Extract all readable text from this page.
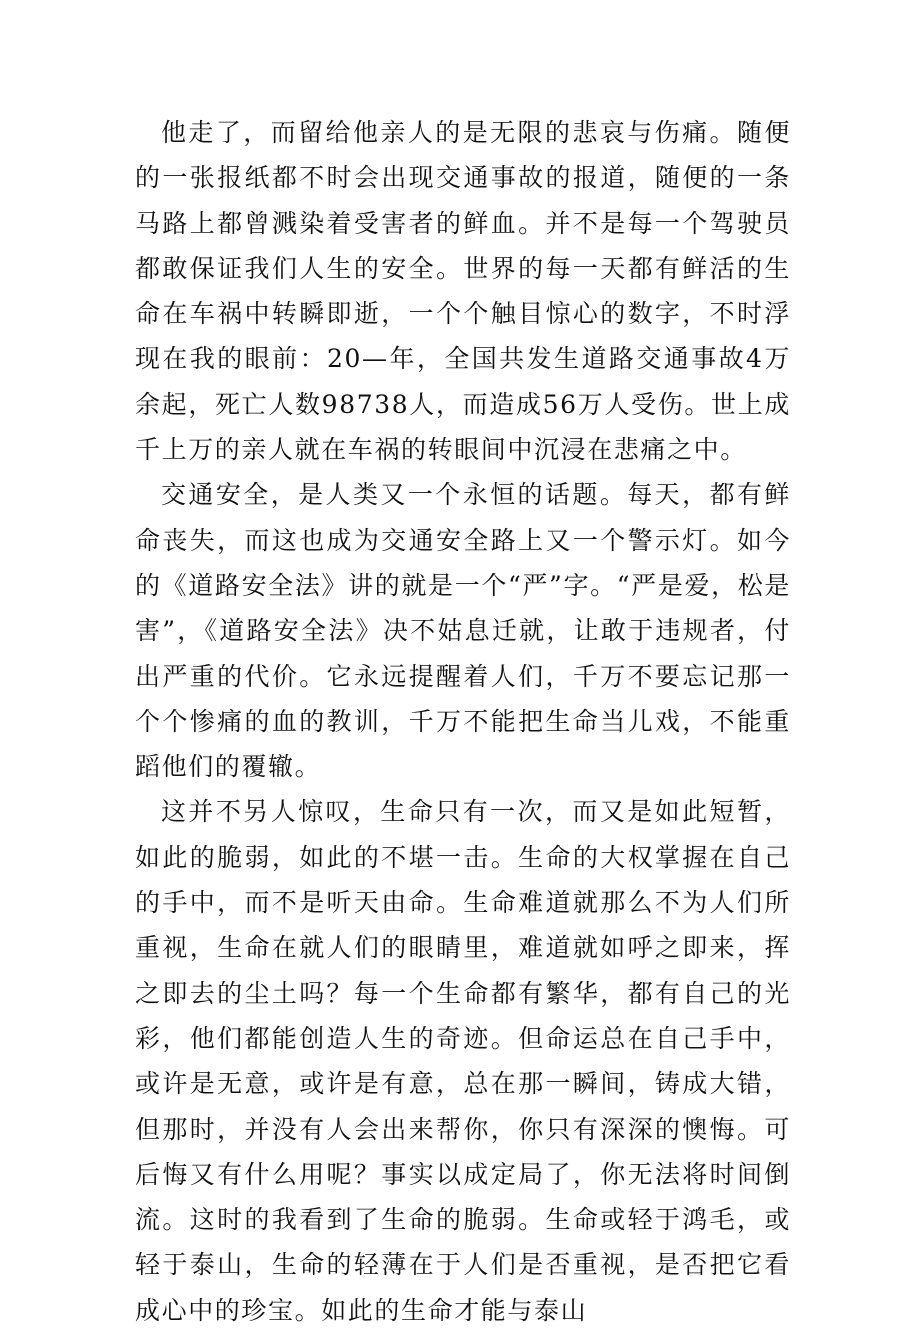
他走了，而留给他亲人的是无限的悲哀与伤痛。随便的一张报纸都不时会出现交通事故的报道，随便的一条马路上都曾溅染着受害者的鲜血。并不是每一个驾驶员都敢保证我们人生的安全。世界的每一天都有鲜活的生命在车祸中转瞬即逝，一个个触目惊心的数字，不时浮现在我的眼前：20—年，全国共发生道路交通事故4万余起，死亡人数98738人，而造成56万人受伤。世上成千上万的亲人就在车祸的转眼间中沉浸在悲痛之中。

交通安全，是人类又一个永恒的话题。每天，都有鲜命丧失，而这也成为交通安全路上又一个警示灯。如今的《道路安全法》讲的就是一个“严”字。“严是爱，松是害”，《道路安全法》决不姑息迁就，让敢于违规者，付出严重的代价。它永远提醒着人们，千万不要忘记那一个个惨痛的血的教训，千万不能把生命当儿戏，不能重蹈他们的覆辙。

这并不另人惊叹，生命只有一次，而又是如此短暂，如此的脆弱，如此的不堪一击。生命的大权掌握在自己的手中，而不是听天由命。生命难道就那么不为人们所重视，生命在就人们的眼睛里，难道就如呼之即来，挥之即去的尘土吗？每一个生命都有繁华，都有自己的光彩，他们都能创造人生的奇迹。但命运总在自己手中，或许是无意，或许是有意，总在那一瞬间，铸成大错，但那时，并没有人会出来帮你，你只有深深的懊悔。可后悔又有什么用呢？事实以成定局了，你无法将时间倒流。这时的我看到了生命的脆弱。生命或轻于鸿毛，或轻于泰山，生命的轻薄在于人们是否重视，是否把它看成心中的珍宝。如此的生命才能与泰山
